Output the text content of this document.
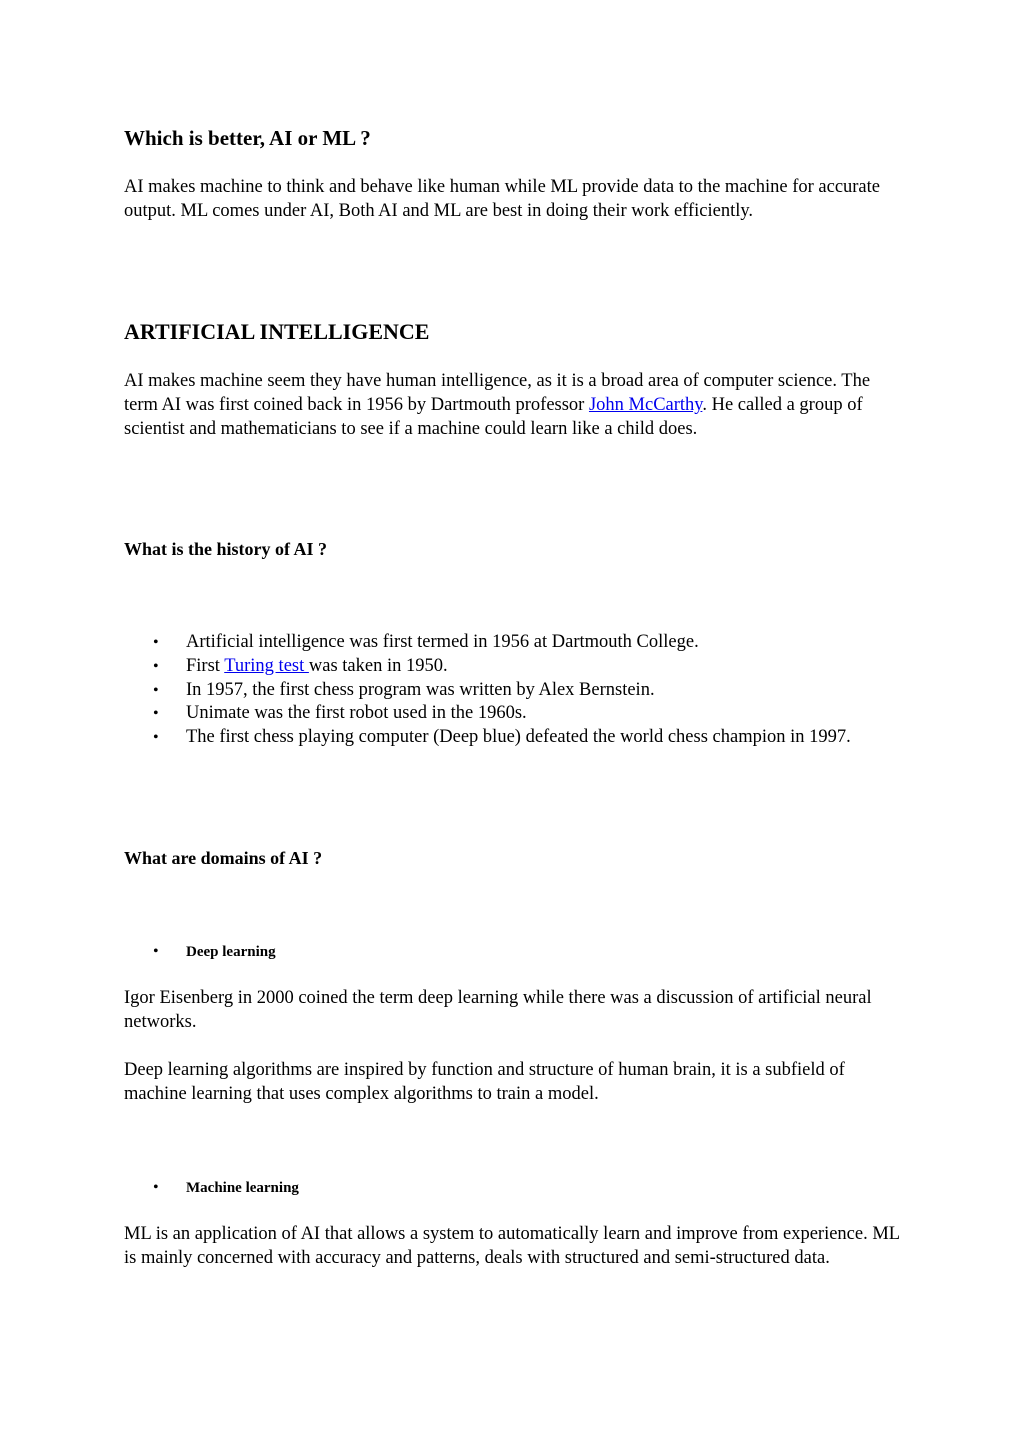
Which is better, AI or ML ?

AI makes machine to think and behave like human while ML provide data to the machine for accurate output. ML comes under AI, Both AI and ML are best in doing their work efficiently.

ARTIFICIAL INTELLIGENCE

AI makes machine seem they have human intelligence, as it is a broad area of computer science. The term AI was first coined back in 1956 by Dartmouth professor John McCarthy. He called a group of scientist and mathematicians to see if a machine could learn like a child does.

What is the history of AI ?
• Artificial intelligence was first termed in 1956 at Dartmouth College.
• First Turing test was taken in 1950.
• In 1957, the first chess program was written by Alex Bernstein.
• Unimate was the first robot used in the 1960s.
• The first chess playing computer (Deep blue) defeated the world chess champion in 1997.
What are domains of AI ?
• Deep learning

Igor Eisenberg in 2000 coined the term deep learning while there was a discussion of artificial neural networks.

Deep learning algorithms are inspired by function and structure of human brain, it is a subfield of machine learning that uses complex algorithms to train a model.

• Machine learning

ML is an application of AI that allows a system to automatically learn and improve from experience. ML is mainly concerned with accuracy and patterns, deals with structured and semi-structured data.
